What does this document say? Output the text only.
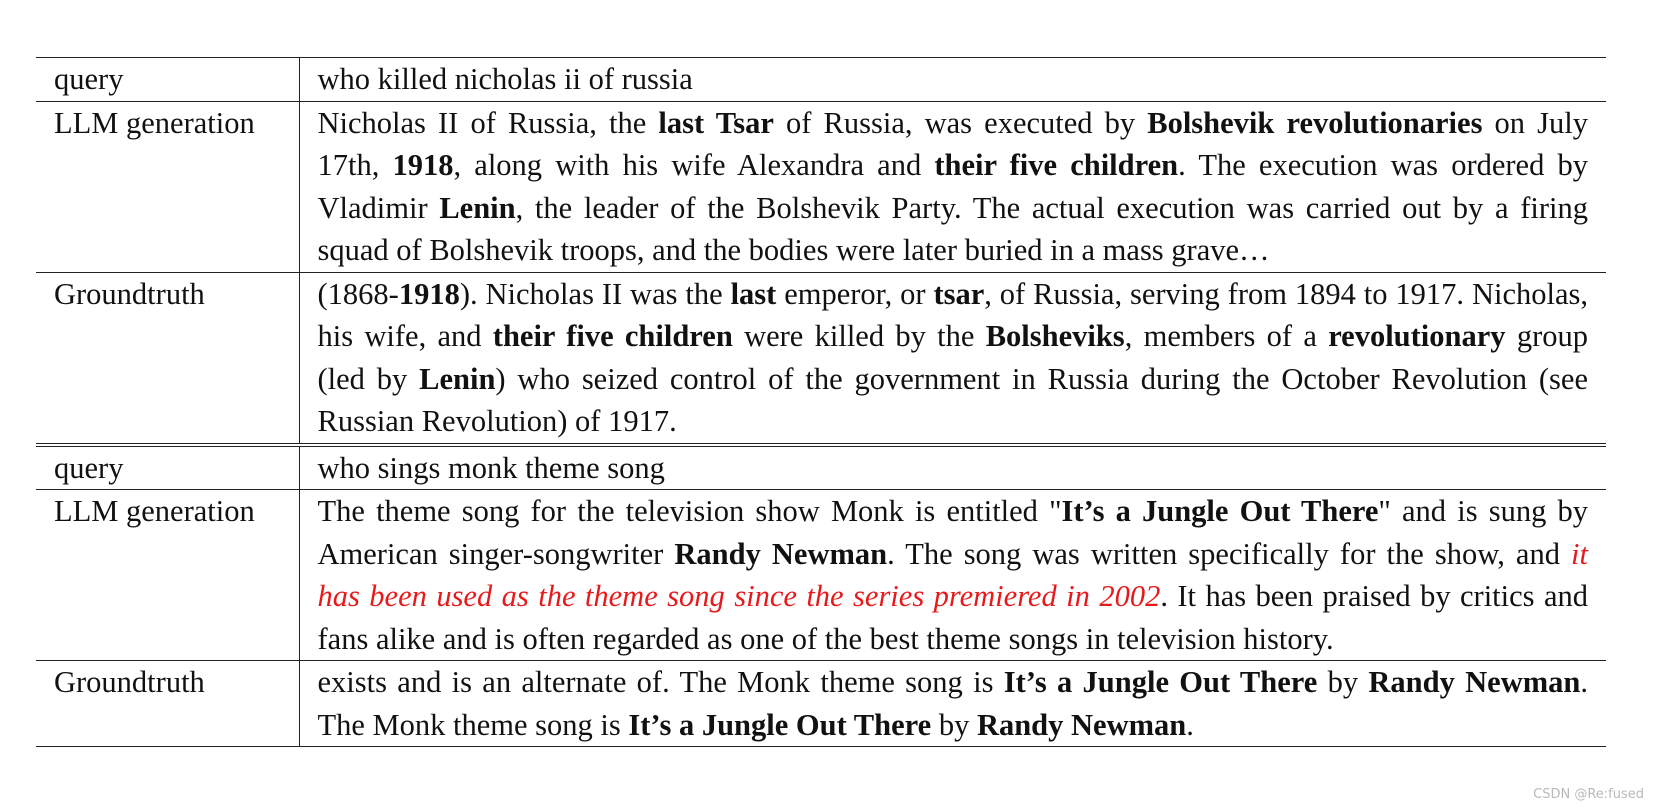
query	who killed nicholas ii of russia
LLM generation	Nicholas II of Russia, the last Tsar of Russia, was executed by Bolshevik revolutionaries on July 17th, 1918, along with his wife Alexandra and their five children. The execution was ordered by Vladimir Lenin, the leader of the Bolshevik Party. The actual execution was carried out by a firing squad of Bolshevik troops, and the bodies were later buried in a mass grave…
Groundtruth	(1868-1918). Nicholas II was the last emperor, or tsar, of Russia, serving from 1894 to 1917. Nicholas, his wife, and their five children were killed by the Bolsheviks, members of a revolutionary group (led by Lenin) who seized control of the government in Russia during the October Revolution (see Russian Revolution) of 1917.
query	who sings monk theme song
LLM generation	The theme song for the television show Monk is entitled "It’s a Jungle Out There" and is sung by American singer-songwriter Randy Newman. The song was written specifically for the show, and it has been used as the theme song since the series premiered in 2002. It has been praised by critics and fans alike and is often regarded as one of the best theme songs in television history.
Groundtruth	exists and is an alternate of. The Monk theme song is It’s a Jungle Out There by Randy Newman. The Monk theme song is It’s a Jungle Out There by Randy Newman.
CSDN @Re:fused
